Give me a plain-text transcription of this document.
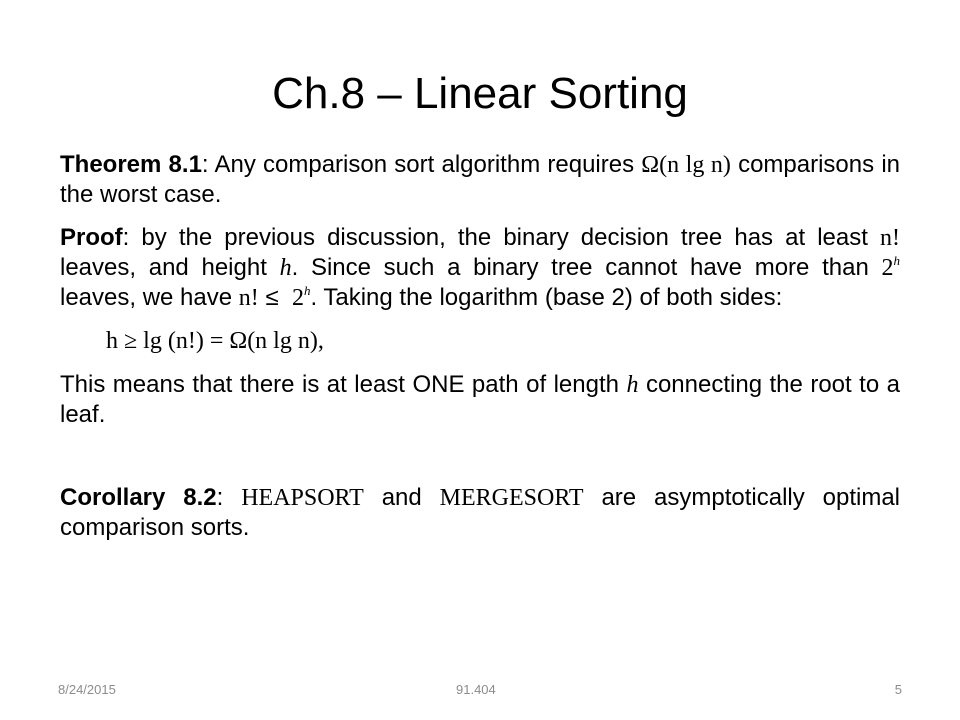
Ch.8 – Linear Sorting

Theorem 8.1: Any comparison sort algorithm requires Ω(n lg n) comparisons in the worst case.

Proof: by the previous discussion, the binary decision tree has at least n! leaves, and height h. Since such a binary tree cannot have more than 2$^h$ leaves, we have n! ≤ $2^h$. Taking the logarithm (base 2) of both sides:

h ≥ lg (n!) = Ω(n lg n),

This means that there is at least ONE path of length h connecting the root to a leaf.

Corollary 8.2: HEAPSORT and MERGESORT are asymptotically optimal comparison sorts.

8/24/2015	91.404	5
